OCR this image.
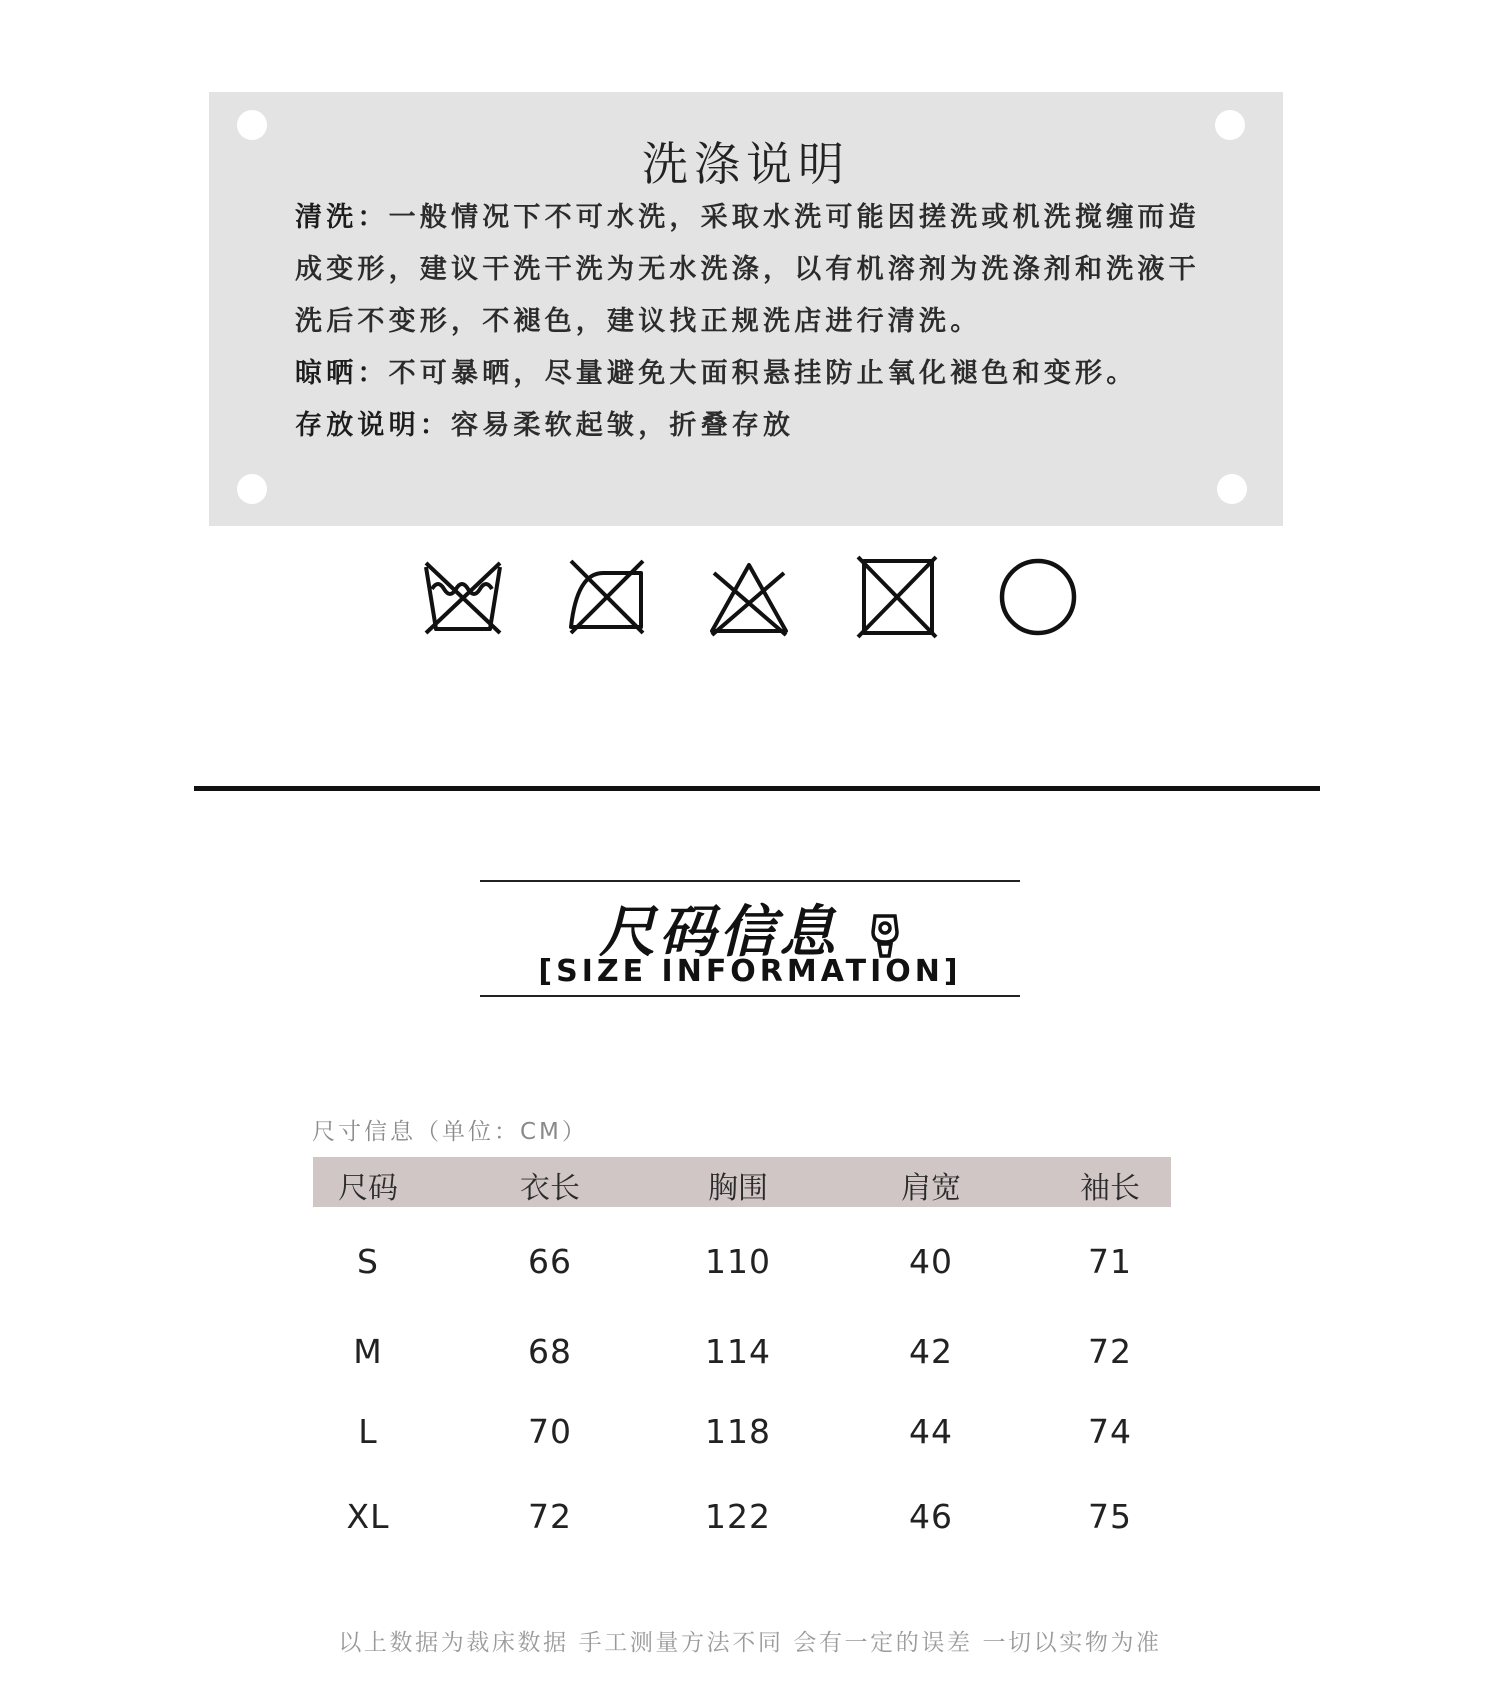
洗涤说明

清洗：一般情况下不可水洗，采取水洗可能因搓洗或机洗搅缠而造成变形，建议干洗干洗为无水洗涤，以有机溶剂为洗涤剂和洗液干洗后不变形，不褪色，建议找正规洗店进行清洗。

晾晒：不可暴晒，尽量避免大面积悬挂防止氧化褪色和变形。

存放说明：容易柔软起皱，折叠存放

尺码信息
[SIZE INFORMATION]
尺寸信息（单位：CM）
尺码	衣长	胸围	肩宽	袖长
S	66	110	40	71
M	68	114	42	72
L	70	118	44	74
XL	72	122	46	75
以上数据为裁床数据 手工测量方法不同 会有一定的误差 一切以实物为准
